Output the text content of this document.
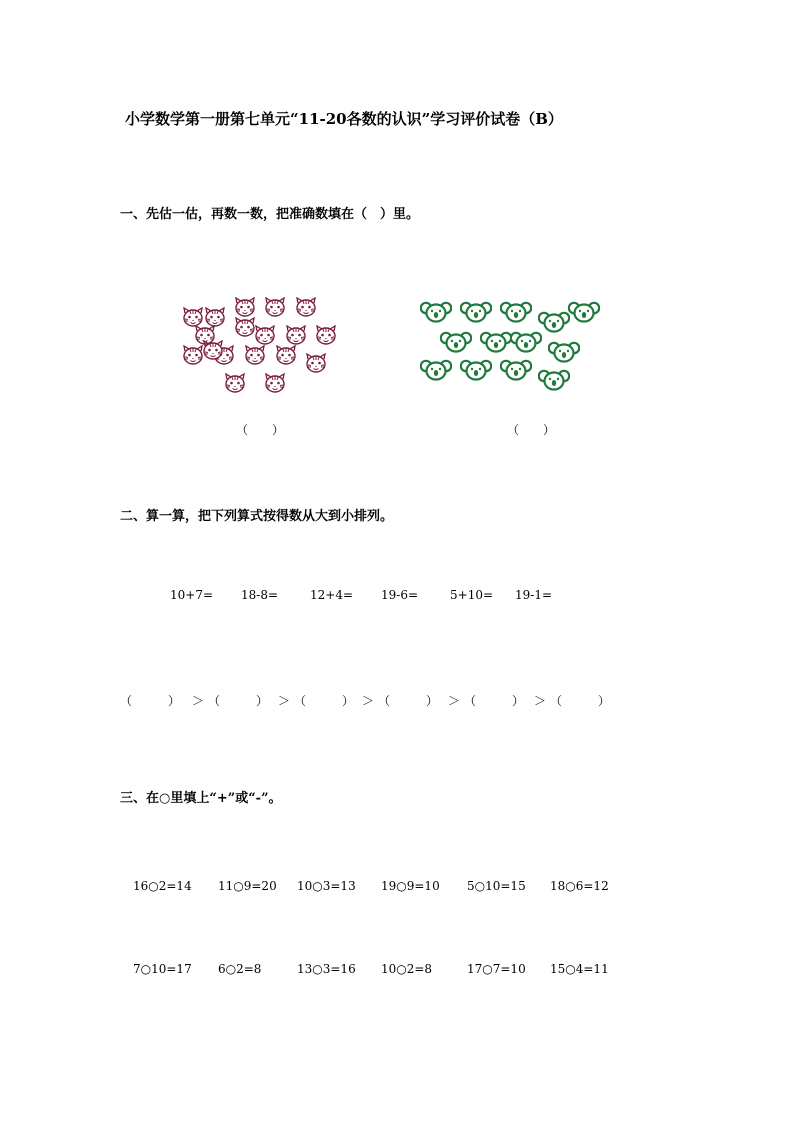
小学数学第一册第七单元“11-20各数的认识”学习评价试卷（B）
一、先估一估，再数一数，把准确数填在（　）里。
（　　）	（　　）
二、算一算，把下列算式按得数从大到小排列。
10+7= 18-8=	12+4= 19-6=	5+10= 19-1=
（　　　） ＞ （　　　） ＞ （　　　） ＞ （　　　） ＞ （　　　） ＞ （　　　）
三、在○里填上“+”或“-”。
16○2=14 11○9=20 10○3=13 19○9=10 5○10=15 18○6=12
7○10=17 6○2=8	13○3=16 10○2=8	17○7=10 15○4=11
